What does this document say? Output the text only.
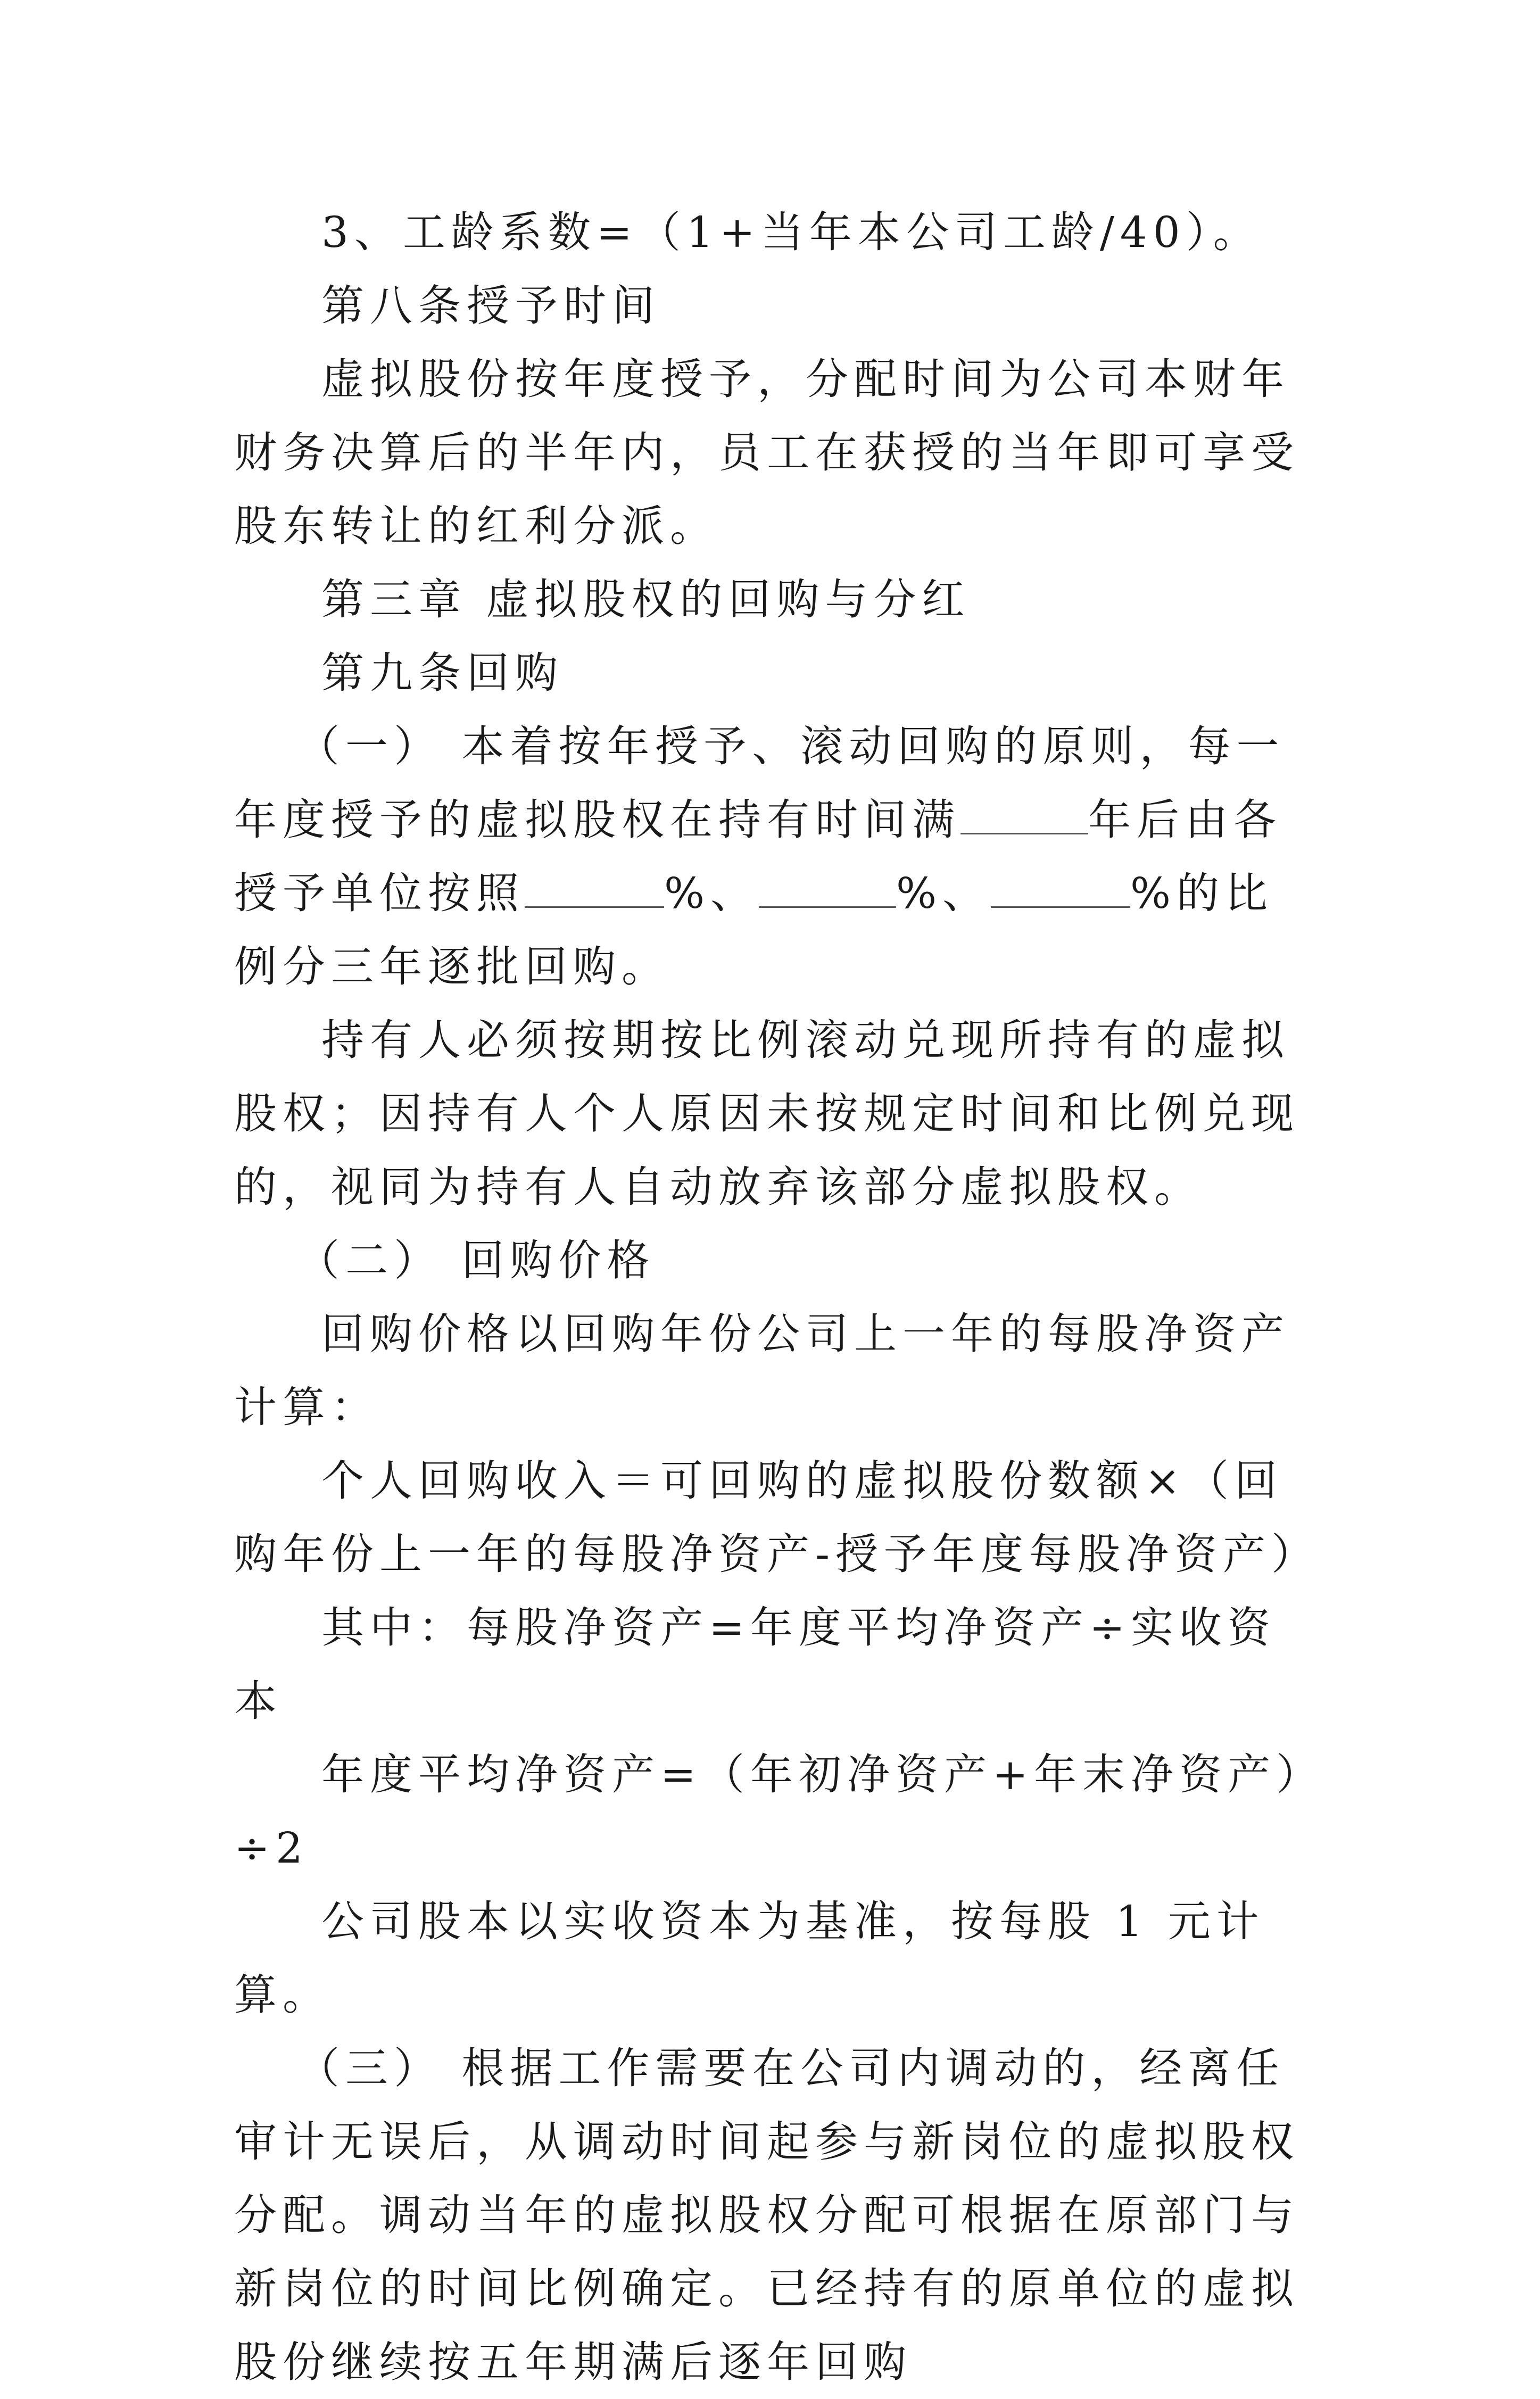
3、工龄系数=（1+当年本公司工龄/40）。

第八条授予时间

虚拟股份按年度授予，分配时间为公司本财年财务决算后的半年内，员工在获授的当年即可享受股东转让的红利分派。

第三章 虚拟股权的回购与分红

第九条回购

（一） 本着按年授予、滚动回购的原则，每一年度授予的虚拟股权在持有时间满	年后由各授予单位按照	%、	%、	%的比例分三年逐批回购。

持有人必须按期按比例滚动兑现所持有的虚拟股权；因持有人个人原因未按规定时间和比例兑现的，视同为持有人自动放弃该部分虚拟股权。

（二） 回购价格

回购价格以回购年份公司上一年的每股净资产计算：

个人回购收入＝可回购的虚拟股份数额×（回购年份上一年的每股净资产-授予年度每股净资产）

其中：每股净资产=年度平均净资产÷实收资本

年度平均净资产=（年初净资产+年末净资产）÷2

公司股本以实收资本为基准，按每股 1 元计算。

（三） 根据工作需要在公司内调动的，经离任审计无误后，从调动时间起参与新岗位的虚拟股权分配。调动当年的虚拟股权分配可根据在原部门与新岗位的时间比例确定。已经持有的原单位的虚拟股份继续按五年期满后逐年回购
